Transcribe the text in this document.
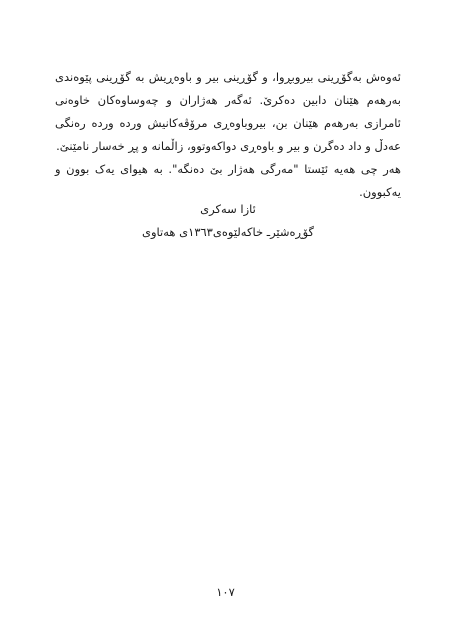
ئەوەش بەگۆڕینی بیروبڕوا، و گۆڕینی بیر و باوەڕیش بە گۆڕینی پێوەندی بەرهەم هێنان دابین دەکرێ. ئەگەر هەژاران و چەوساوەکان خاوەنی ئامرازی بەرهەم هێنان بن، بیروباوەڕی مرۆڤەکانیش وردە وردە رەنگی عەدڵ و داد دەگرن و بیر و باوەڕی دواکەوتوو، زاڵمانە و پڕ خەسار نامێنێ.

هەر چی هەیە ئێستا "مەرگی هەژار بێ دەنگە". بە هیوای یەک بوون و یەکبوون.

ئازا سەکری
گۆڕەشێرـ خاکەلێوەی١٣٦٣ی هەتاوی
١٠٧
